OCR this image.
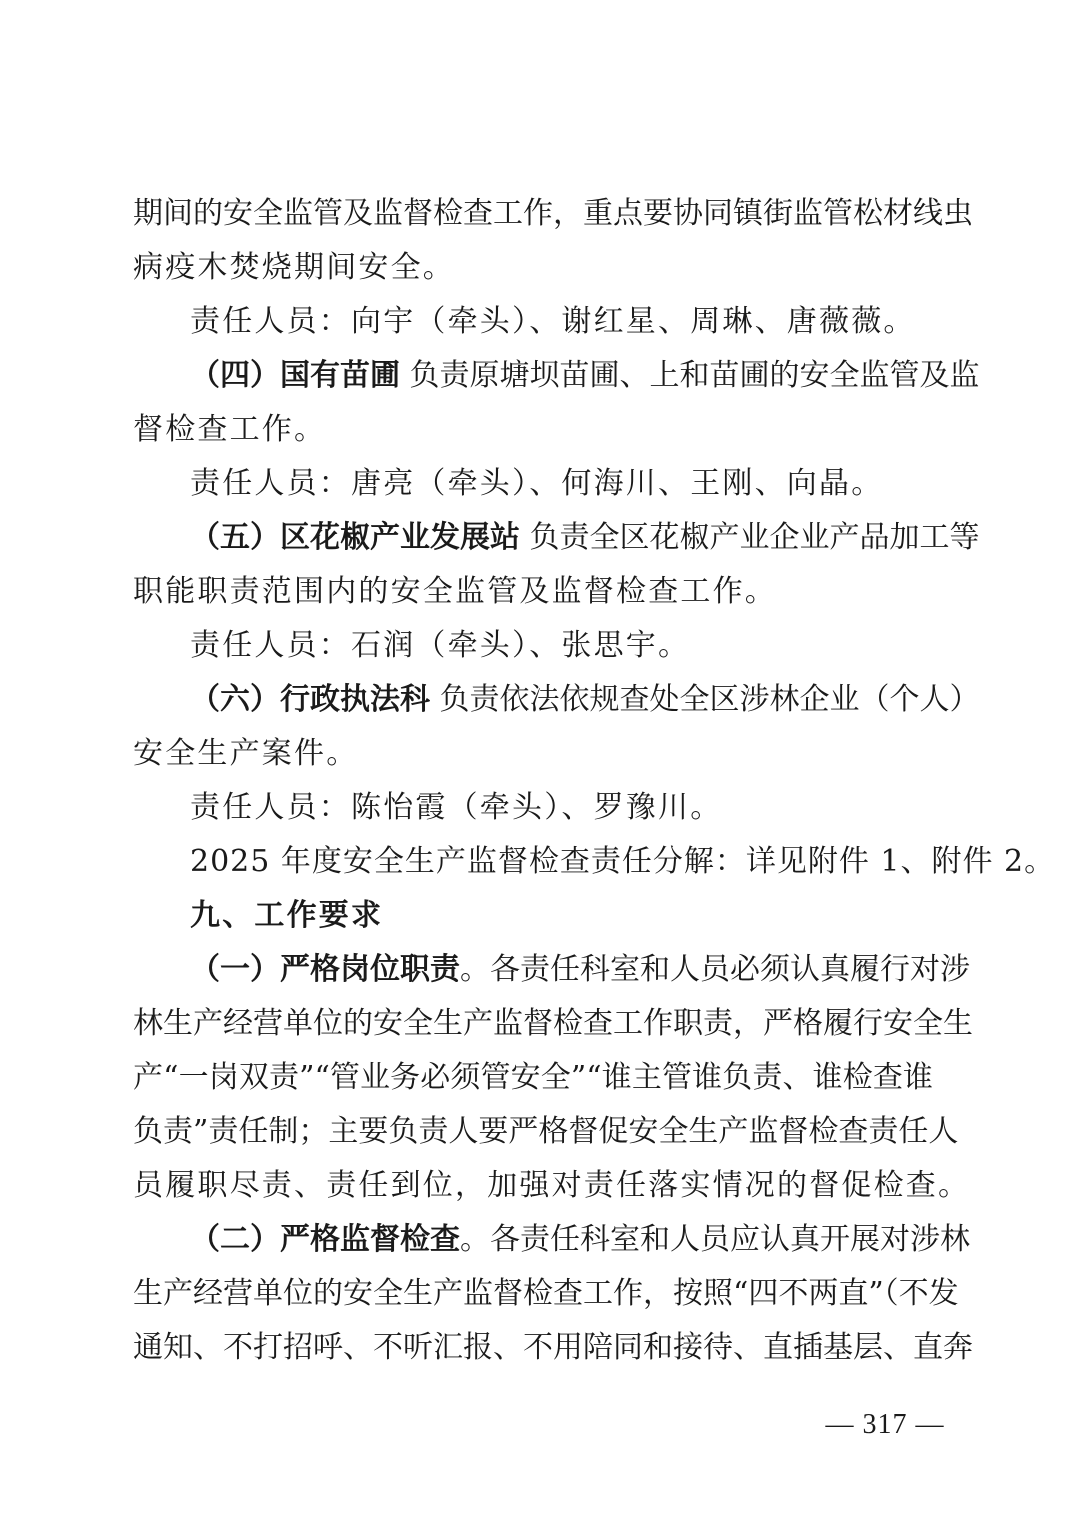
期间的安全监管及监督检查工作，重点要协同镇街监管松材线虫
病疫木焚烧期间安全。
责任人员：向宇（牵头）、谢红星、周琳、唐薇薇。
（四）国有苗圃 负责原塘坝苗圃、上和苗圃的安全监管及监
督检查工作。
责任人员：唐亮（牵头）、何海川、王刚、向晶。
（五）区花椒产业发展站 负责全区花椒产业企业产品加工等
职能职责范围内的安全监管及监督检查工作。
责任人员：石润（牵头）、张思宇。
（六）行政执法科 负责依法依规查处全区涉林企业（个人）
安全生产案件。
责任人员：陈怡霞（牵头）、罗豫川。
2025 年度安全生产监督检查责任分解：详见附件 1、附件 2。
九、工作要求
（一）严格岗位职责。各责任科室和人员必须认真履行对涉
林生产经营单位的安全生产监督检查工作职责，严格履行安全生
产“一岗双责”“管业务必须管安全”“谁主管谁负责、谁检查谁
负责”责任制；主要负责人要严格督促安全生产监督检查责任人
员履职尽责、责任到位，加强对责任落实情况的督促检查。
（二）严格监督检查。各责任科室和人员应认真开展对涉林
生产经营单位的安全生产监督检查工作，按照“四不两直”（不发
通知、不打招呼、不听汇报、不用陪同和接待、直插基层、直奔
— 317 —
